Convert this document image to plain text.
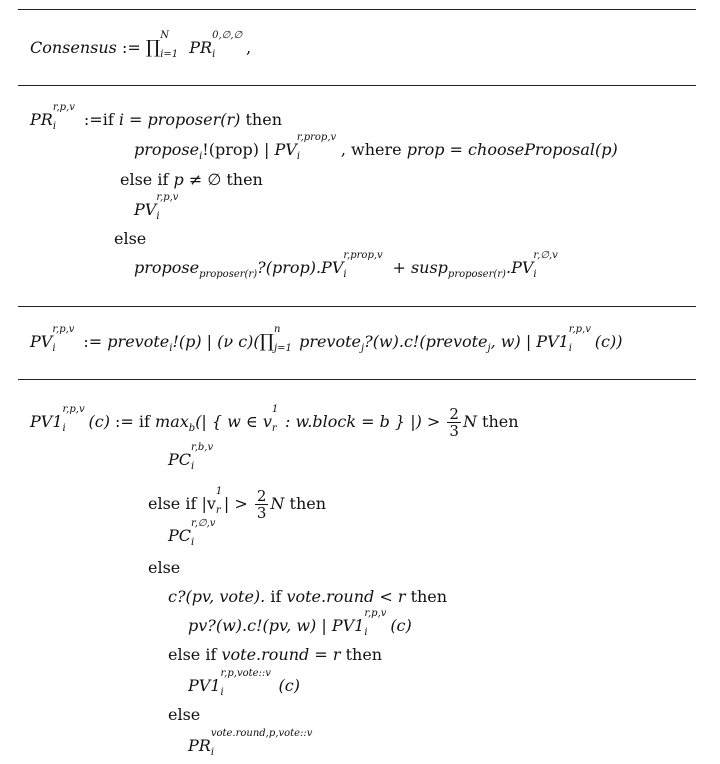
Consensus := ∏
N
i=1 PR
0,∅,∅
i ,
PR
r,p,v
i :=if i = proposer(r) then
propose$_i$!(prop) | PV
r,prop,v
i	, where prop = chooseProposal(p)
else if p ≠ ∅ then
PV
r,p,v
i
else
propose$_{proposer(r)}$?(prop).PV
r,prop,v
i	+ susp$_{proposer(r)}$.PV
r,∅,v
i
PV
r,p,v
i := prevote$_i$!(p) | (ν c)(∏
n
j=1 prevote$_j$?(w).c!(prevote$_j$, w) | PV1
r,p,v
i (c))
PV1
r,p,v
i (c) := if $\max_b(|$ { w ∈ v
1
r : w.block = b } |) > $\frac{2}{3}$ N then
PC
r,b,v
i
else if |v
1
r | > $\frac{2}{3}$ N then
PC
r,∅,v
i
else
c?(pv, vote). if vote.round < r then
pv?(w).c!(pv, w) | PV1
r,p,v
i (c)
else if vote.round = r then
PV1
r,p,vote::v
i	(c)
else
PR
vote.round,p,vote::v
i
